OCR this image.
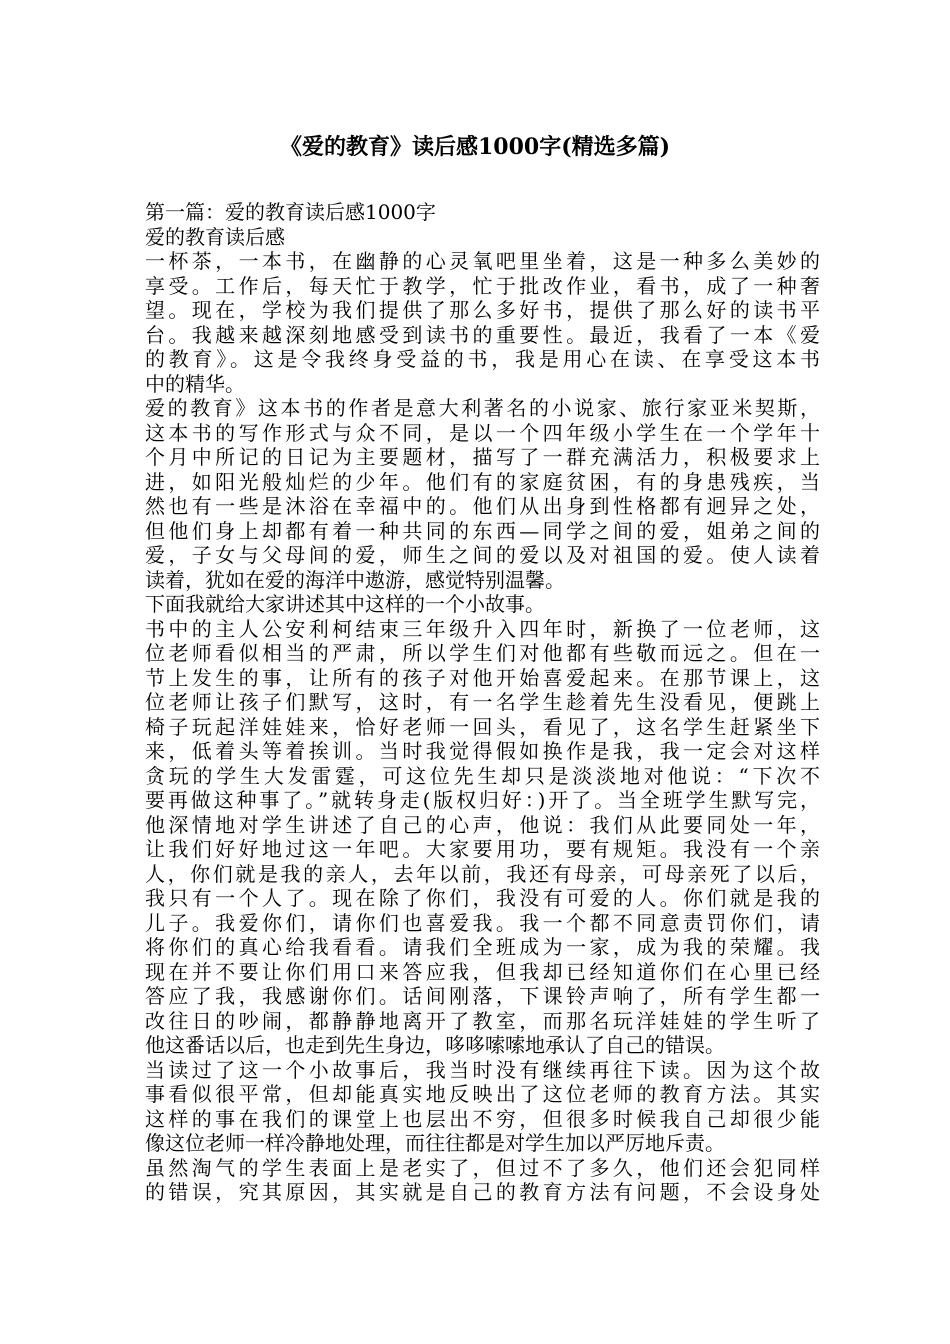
《爱的教育》读后感1000字(精选多篇)
第一篇：爱的教育读后感1000字
爱的教育读后感
一杯茶，一本书，在幽静的心灵氧吧里坐着，这是一种多么美妙的
享受。工作后，每天忙于教学，忙于批改作业，看书，成了一种奢
望。现在，学校为我们提供了那么多好书，提供了那么好的读书平
台。我越来越深刻地感受到读书的重要性。最近，我看了一本《爱
的教育》。这是令我终身受益的书，我是用心在读、在享受这本书
中的精华。
爱的教育》这本书的作者是意大利著名的小说家、旅行家亚米契斯，
这本书的写作形式与众不同，是以一个四年级小学生在一个学年十
个月中所记的日记为主要题材，描写了一群充满活力，积极要求上
进，如阳光般灿烂的少年。他们有的家庭贫困，有的身患残疾，当
然也有一些是沐浴在幸福中的。他们从出身到性格都有迥异之处，
但他们身上却都有着一种共同的东西—同学之间的爱，姐弟之间的
爱，子女与父母间的爱，师生之间的爱以及对祖国的爱。使人读着
读着，犹如在爱的海洋中遨游，感觉特别温馨。
下面我就给大家讲述其中这样的一个小故事。
书中的主人公安利柯结束三年级升入四年时，新换了一位老师，这
位老师看似相当的严肃，所以学生们对他都有些敬而远之。但在一
节上发生的事，让所有的孩子对他开始喜爱起来。在那节课上，这
位老师让孩子们默写，这时，有一名学生趁着先生没看见，便跳上
椅子玩起洋娃娃来，恰好老师一回头，看见了，这名学生赶紧坐下
来，低着头等着挨训。当时我觉得假如换作是我，我一定会对这样
贪玩的学生大发雷霆，可这位先生却只是淡淡地对他说：“下次不
要再做这种事了。”就转身走(版权归好：)开了。当全班学生默写完，
他深情地对学生讲述了自己的心声，他说：我们从此要同处一年，
让我们好好地过这一年吧。大家要用功，要有规矩。我没有一个亲
人，你们就是我的亲人，去年以前，我还有母亲，可母亲死了以后，
我只有一个人了。现在除了你们，我没有可爱的人。你们就是我的
儿子。我爱你们，请你们也喜爱我。我一个都不同意责罚你们，请
将你们的真心给我看看。请我们全班成为一家，成为我的荣耀。我
现在并不要让你们用口来答应我，但我却已经知道你们在心里已经
答应了我，我感谢你们。话间刚落，下课铃声响了，所有学生都一
改往日的吵闹，都静静地离开了教室，而那名玩洋娃娃的学生听了
他这番话以后，也走到先生身边，哆哆嗦嗦地承认了自己的错误。
当读过了这一个小故事后，我当时没有继续再往下读。因为这个故
事看似很平常，但却能真实地反映出了这位老师的教育方法。其实
这样的事在我们的课堂上也层出不穷，但很多时候我自己却很少能
像这位老师一样冷静地处理，而往往都是对学生加以严厉地斥责。
虽然淘气的学生表面上是老实了，但过不了多久，他们还会犯同样
的错误，究其原因，其实就是自己的教育方法有问题，不会设身处
